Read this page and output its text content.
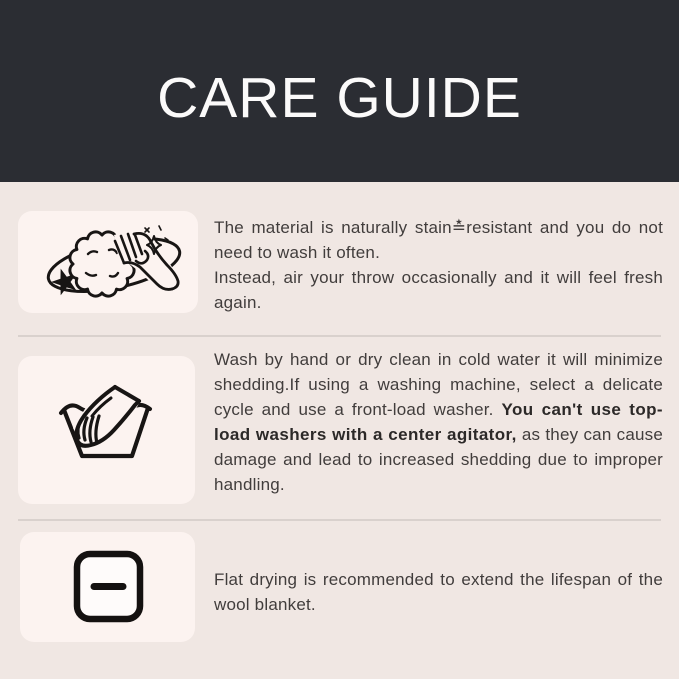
CARE GUIDE

The material is naturally stain≛resistant and you do not need to wash it often.

Instead, air your throw occasionally and it will feel fresh again.

Wash by hand or dry clean in cold water it will minimize shedding.If using a washing machine, select a delicate cycle and use a front-load washer. You can't use top-load washers with a center agitator, as they can cause damage and lead to increased shedding due to improper handling.

Flat drying is recommended to extend the lifespan of the wool blanket.
